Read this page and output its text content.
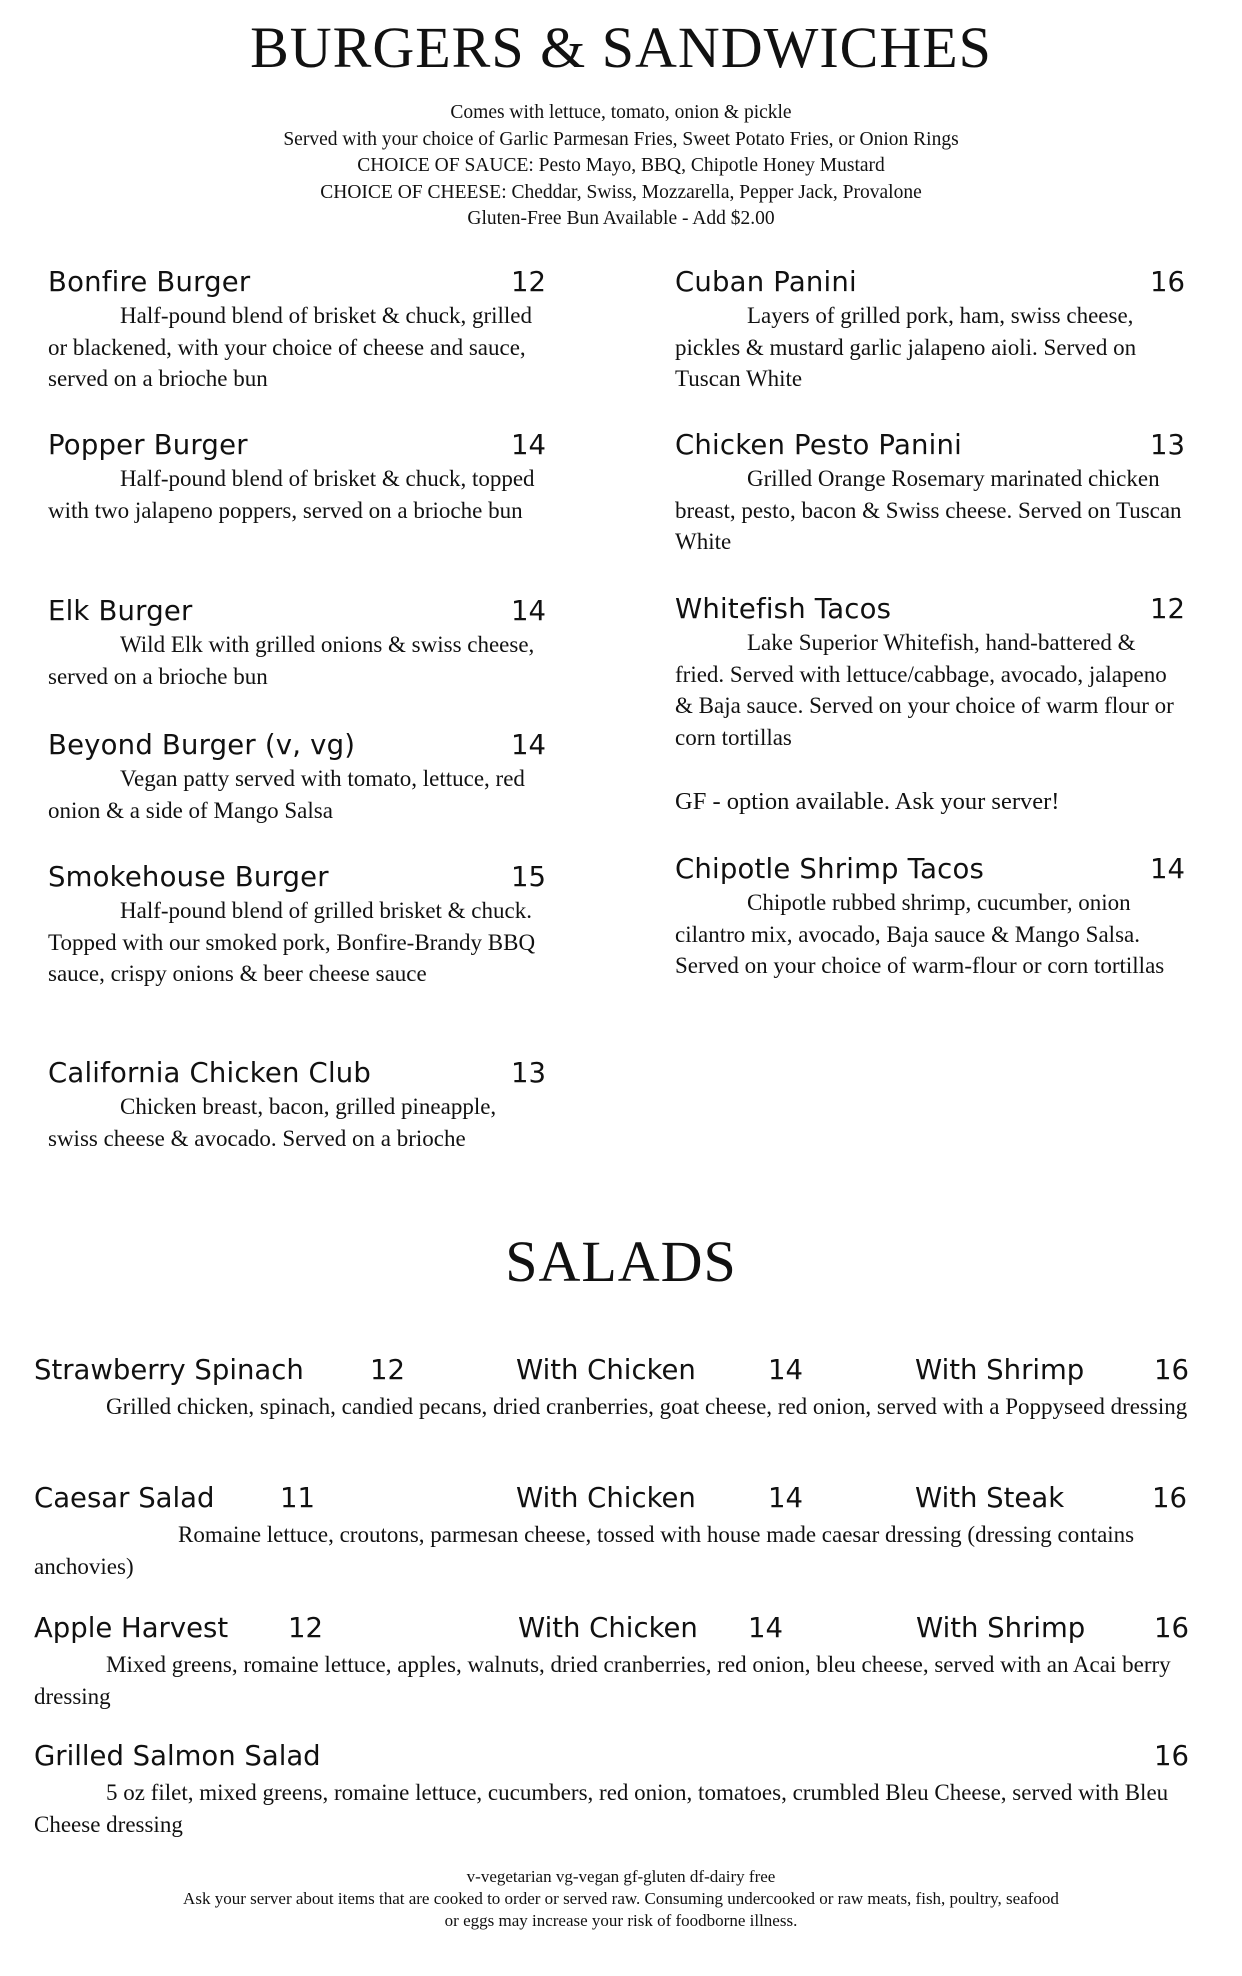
BURGERS & SANDWICHES
Comes with lettuce, tomato, onion & pickle
Served with your choice of Garlic Parmesan Fries, Sweet Potato Fries, or Onion Rings
CHOICE OF SAUCE: Pesto Mayo, BBQ, Chipotle Honey Mustard
CHOICE OF CHEESE: Cheddar, Swiss, Mozzarella, Pepper Jack, Provalone
Gluten-Free Bun Available - Add $2.00
Bonfire Burger	12
Half-pound blend of brisket & chuck, grilled or blackened, with your choice of cheese and sauce, served on a brioche bun
Popper Burger	14
Half-pound blend of brisket & chuck, topped with two jalapeno poppers, served on a brioche bun
Elk Burger	14
Wild Elk with grilled onions & swiss cheese, served on a brioche bun
Beyond Burger (v, vg)	14
Vegan patty served with tomato, lettuce, red onion & a side of Mango Salsa
Smokehouse Burger	15
Half-pound blend of grilled brisket & chuck. Topped with our smoked pork, Bonfire-Brandy BBQ sauce, crispy onions & beer cheese sauce
California Chicken Club	13
Chicken breast, bacon, grilled pineapple, swiss cheese & avocado. Served on a brioche
Cuban Panini	16
Layers of grilled pork, ham, swiss cheese, pickles & mustard garlic jalapeno aioli. Served on Tuscan White
Chicken Pesto Panini	13
Grilled Orange Rosemary marinated chicken breast, pesto, bacon & Swiss cheese. Served on Tuscan White
Whitefish Tacos	12
Lake Superior Whitefish, hand-battered & fried. Served with lettuce/cabbage, avocado, jalapeno & Baja sauce. Served on your choice of warm flour or corn tortillas
GF - option available. Ask your server!
Chipotle Shrimp Tacos	14
Chipotle rubbed shrimp, cucumber, onion cilantro mix, avocado, Baja sauce & Mango Salsa. Served on your choice of warm-flour or corn tortillas
SALADS
Strawberry Spinach 12	With Chicken	14	With Shrimp	16
Grilled chicken, spinach, candied pecans, dried cranberries, goat cheese, red onion, served with a Poppyseed dressing
Caesar Salad 11	With Chicken	14	With Steak	16
Romaine lettuce, croutons, parmesan cheese, tossed with house made caesar dressing (dressing contains anchovies)
Apple Harvest 12	With Chicken 14	With Shrimp 16
Mixed greens, romaine lettuce, apples, walnuts, dried cranberries, red onion, bleu cheese, served with an Acai berry dressing
Grilled Salmon Salad	16
5 oz filet, mixed greens, romaine lettuce, cucumbers, red onion, tomatoes, crumbled Bleu Cheese, served with Bleu Cheese dressing
v-vegetarian vg-vegan gf-gluten df-dairy free
Ask your server about items that are cooked to order or served raw. Consuming undercooked or raw meats, fish, poultry, seafood
or eggs may increase your risk of foodborne illness.
